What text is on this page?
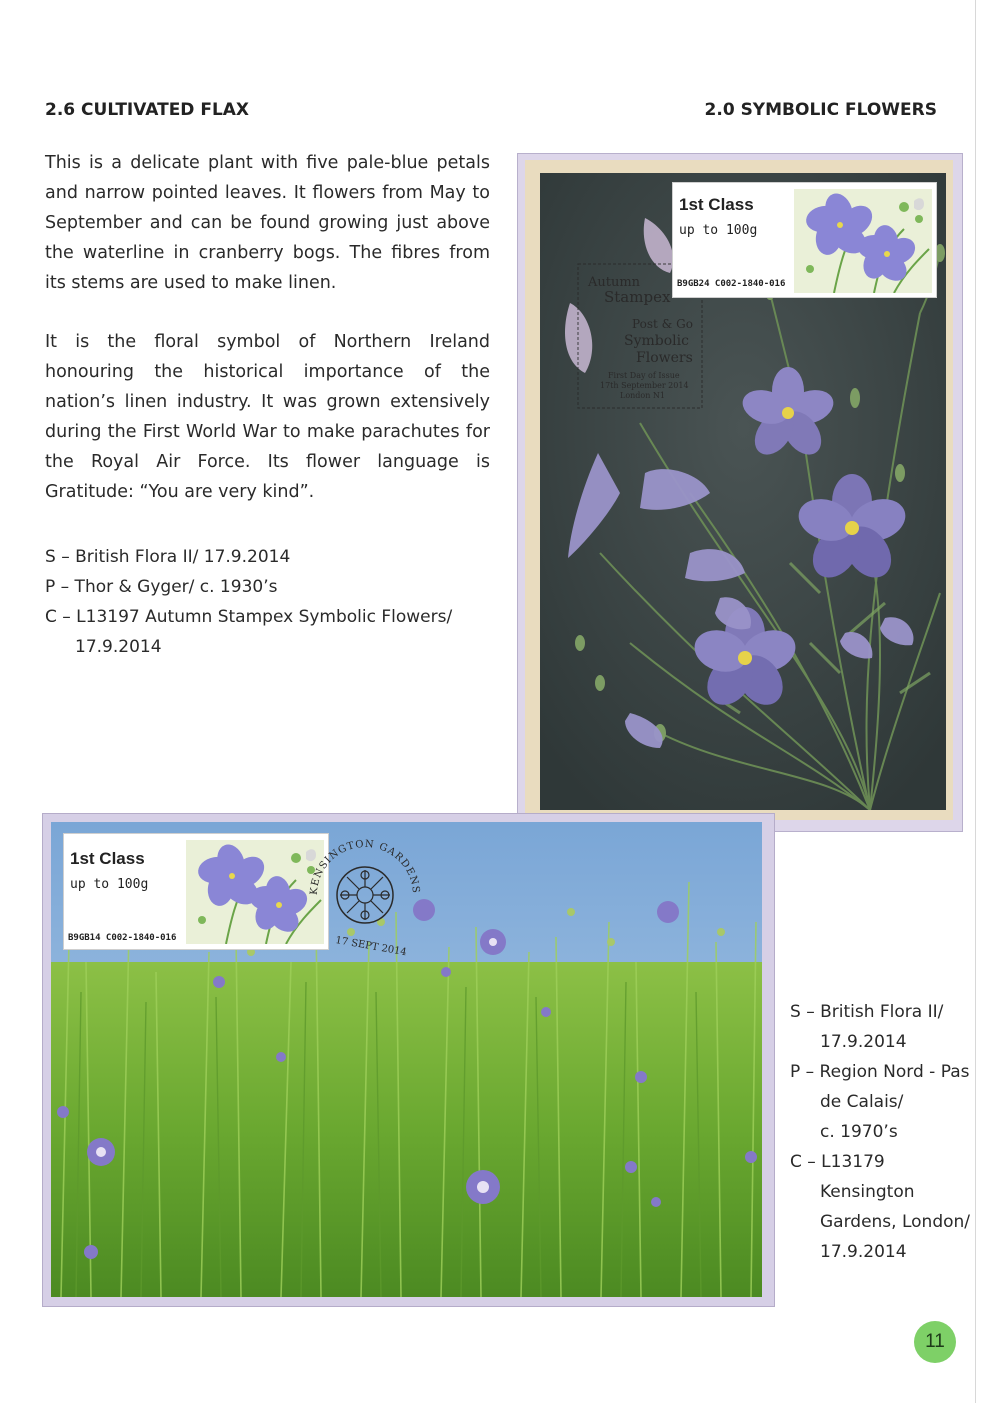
2.6 CULTIVATED FLAX	2.0 SYMBOLIC FLOWERS
This is a delicate plant with five pale-blue petals and narrow pointed leaves. It flowers from May to September and can be found growing just above the waterline in cranberry bogs. The fibres from its stems are used to make linen.
It is the floral symbol of Northern Ireland honouring the historical importance of the nation’s linen industry. It was grown extensively during the First World War to make parachutes for the Royal Air Force. Its flower language is Gratitude: “You are very kind”.
S – British Flora II/ 17.9.2014
P – Thor & Gyger/ c. 1930’s
C – L13197 Autumn Stampex Symbolic Flowers/
17.9.2014
Autumn
Stampex
Post & Go
Symbolic
Flowers
First Day of Issue
17th September 2014
London N1
1st Class
up to 100g
B9GB24 C002-1840-016
1st Class
up to 100g
B9GB14 C002-1840-016
KENSINGTON GARDENS
17 SEPT 2014
S – British Flora II/
17.9.2014
P – Region Nord - Pas
de Calais/
c. 1970’s
C – L13179
Kensington
Gardens, London/
17.9.2014
11
